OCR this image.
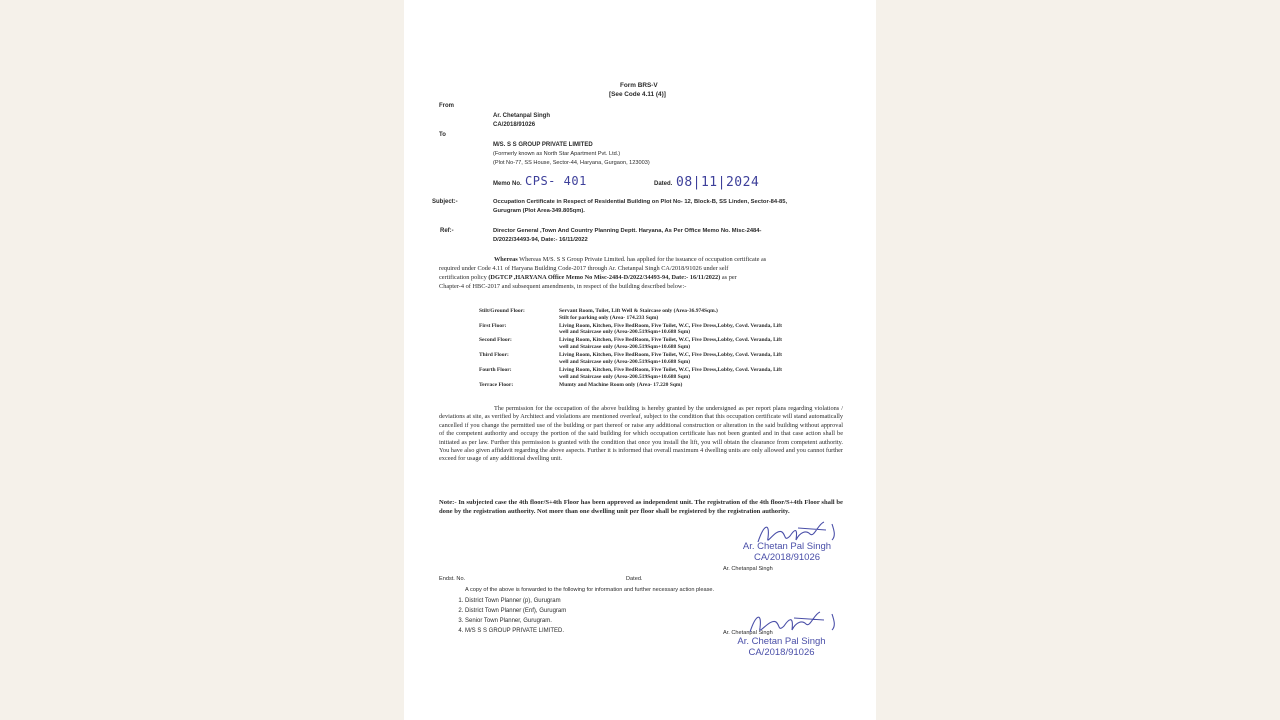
Form BRS-V
[See Code 4.11 (4)]
From
Ar. Chetanpal Singh
CA/2018/91026
To
M/S. S S GROUP PRIVATE LIMITED
(Formerly known as North Star Apartment Pvt. Ltd.)
(Plot No-77, SS House, Sector-44, Haryana, Gurgaon, 123003)
Memo No. CPS- 401	Dated. 08|11|2024
Subject:-	Occupation Certificate in Respect of Residential Building on Plot No- 12, Block-B, SS Linden, Sector-84-85,
Gurugram (Plot Area-349.805qm).
Ref:-	Director General ,Town And Country Planning Deptt. Haryana, As Per Office Memo No. Misc-2484-
D/2022/34493-94, Date:- 16/11/2022
Whereas Whereas M/S. S S Group Private Limited. has applied for the issuance of occupation certificate as
required under Code 4.11 of Haryana Building Code-2017 through Ar. Chetanpal Singh CA/2018/91026 under self
certification policy (DGTCP ,HARYANA Office Memo No Misc-2484-D/2022/34493-94, Date:- 16/11/2022) as per
Chapter-4 of HBC-2017 and subsequent amendments, in respect of the building described below:-
Stilt/Ground Floor:	Servant Room, Toilet, Lift Well & Staircase only (Area-36.974Sqm.)
Stilt for parking only (Area- 174.233 Sqm)
First Floor:	Living Room, Kitchen, Five BedRoom, Five Toilet, W.C, Five Dress,Lobby, Covd. Veranda, Lift
well and Staircase only (Area-200.519Sqm+10.688 Sqm)
Second Floor:	Living Room, Kitchen, Five BedRoom, Five Toilet, W.C, Five Dress,Lobby, Covd. Veranda, Lift
well and Staircase only (Area-200.519Sqm+10.688 Sqm)
Third Floor:	Living Room, Kitchen, Five BedRoom, Five Toilet, W.C, Five Dress,Lobby, Covd. Veranda, Lift
well and Staircase only (Area-200.519Sqm+10.688 Sqm)
Fourth Floor:	Living Room, Kitchen, Five BedRoom, Five Toilet, W.C, Five Dress,Lobby, Covd. Veranda, Lift
well and Staircase only (Area-200.519Sqm+10.688 Sqm)
Terrace Floor:	Mumty and Machine Room only (Area- 17.220 Sqm)
The permission for the occupation of the above building is hereby granted by the undersigned as per report plans regarding violations / deviations at site, as verified by Architect and violations are mentioned overleaf, subject to the condition that this occupation certificate will stand automatically cancelled if you change the permitted use of the building or part thereof or raise any additional construction or alteration in the said building without approval of the competent authority and occupy the portion of the said building for which occupation certificate has not been granted and in that case action shall be initiated as per law. Further this permission is granted with the condition that once you install the lift, you will obtain the clearance from competent authority. You have also given affidavit regarding the above aspects. Further it is informed that overall maximum 4 dwelling units are only allowed and you cannot further exceed for usage of any additional dwelling unit.
Note:- In subjected case the 4th floor/S+4th Floor has been approved as independent unit. The registration of the 4th floor/S+4th Floor shall be done by the registration authority. Not more than one dwelling unit per floor shall be registered by the registration authority.
Ar. Chetan Pal Singh
CA/2018/91026
Ar. Chetanpal Singh
Endst. No.	Dated.
A copy of the above is forwarded to the following for information and further necessary action please.
1. District Town Planner (p), Gurugram
2. District Town Planner (Enf), Gurugram
3. Senior Town Planner, Gurugram.
4. M/S S S GROUP PRIVATE LIMITED.	Ar. Chetanpal Singh
Ar. Chetan Pal Singh
CA/2018/91026
